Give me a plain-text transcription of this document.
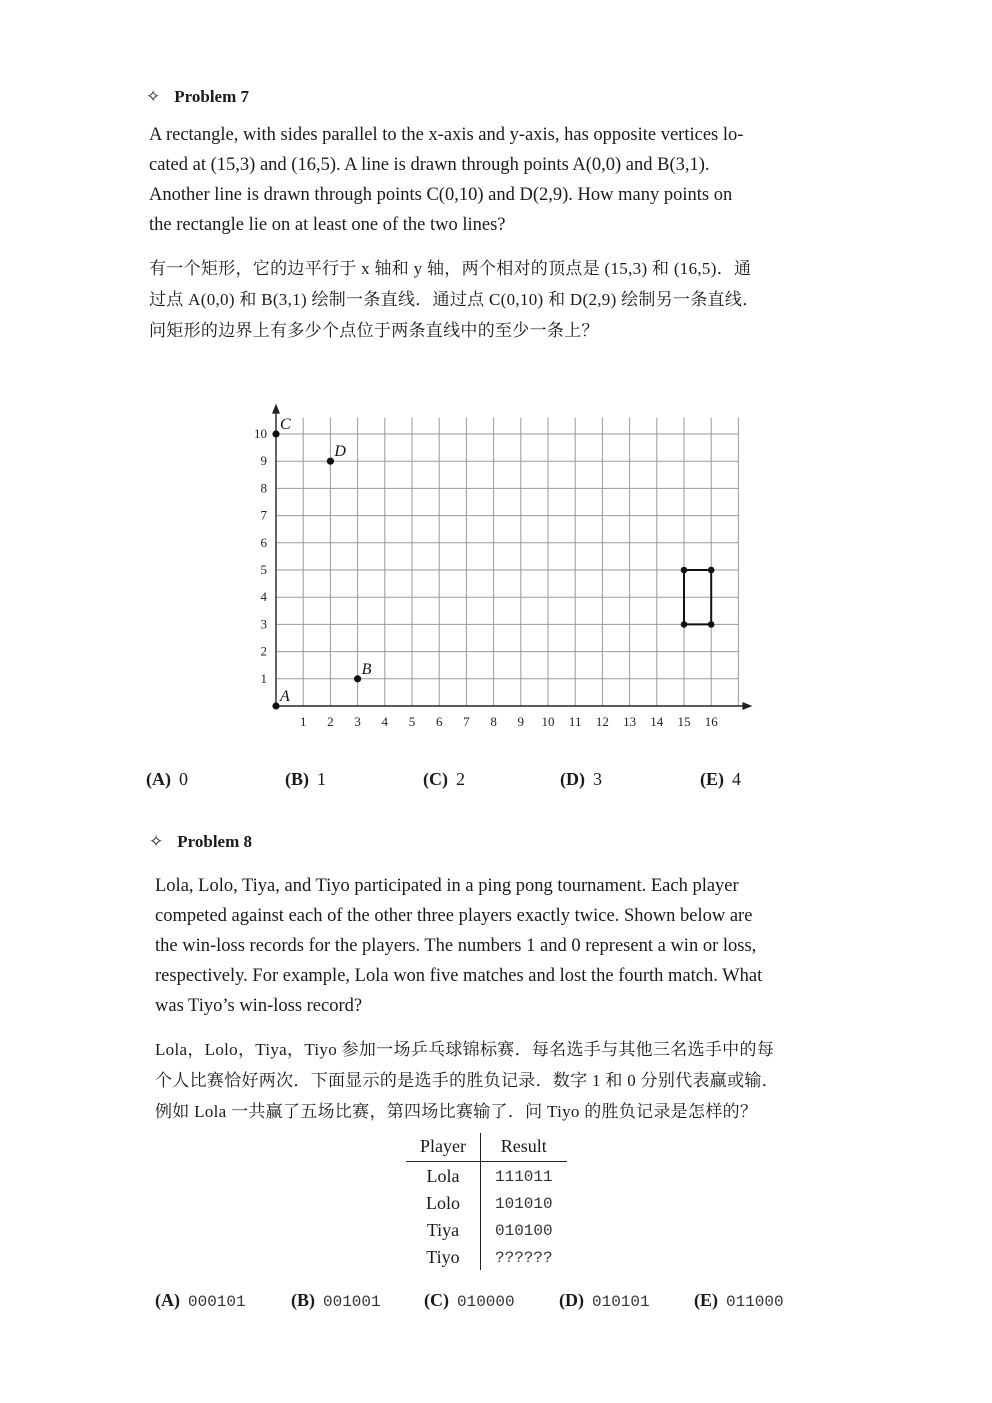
✧ Problem 7

A rectangle, with sides parallel to the x-axis and y-axis, has opposite vertices lo-

cated at (15,3) and (16,5). A line is drawn through points A(0,0) and B(3,1).

Another line is drawn through points C(0,10) and D(2,9). How many points on

the rectangle lie on at least one of the two lines?

有一个矩形，它的边平行于 x 轴和 y 轴，两个相对的顶点是 (15,3) 和 (16,5)．通

过点 A(0,0) 和 B(3,1) 绘制一条直线．通过点 C(0,10) 和 D(2,9) 绘制另一条直线．

问矩形的边界上有多少个点位于两条直线中的至少一条上？

1 2 3 4 5 6 7 8 9 10 11 12 13 14 15 16
1
2
3
4
5
6
7
8
9
10
A
B
C
D
(A) 0	(B) 1	(C) 2	(D) 3	(E) 4
✧ Problem 8

Lola, Lolo, Tiya, and Tiyo participated in a ping pong tournament. Each player

competed against each of the other three players exactly twice. Shown below are

the win-loss records for the players. The numbers 1 and 0 represent a win or loss,

respectively. For example, Lola won five matches and lost the fourth match. What

was Tiyo’s win-loss record?

Lola，Lolo，Tiya，Tiyo 参加一场乒乓球锦标赛．每名选手与其他三名选手中的每

个人比赛恰好两次．下面显示的是选手的胜负记录．数字 1 和 0 分别代表赢或输．

例如 Lola 一共赢了五场比赛，第四场比赛输了．问 Tiyo 的胜负记录是怎样的？

Player	Result
Lola	111011
Lolo	101010
Tiya	010100
Tiyo	??????
(A) 000101	(B) 001001 (C) 010000 (D) 010101 (E) 011000
